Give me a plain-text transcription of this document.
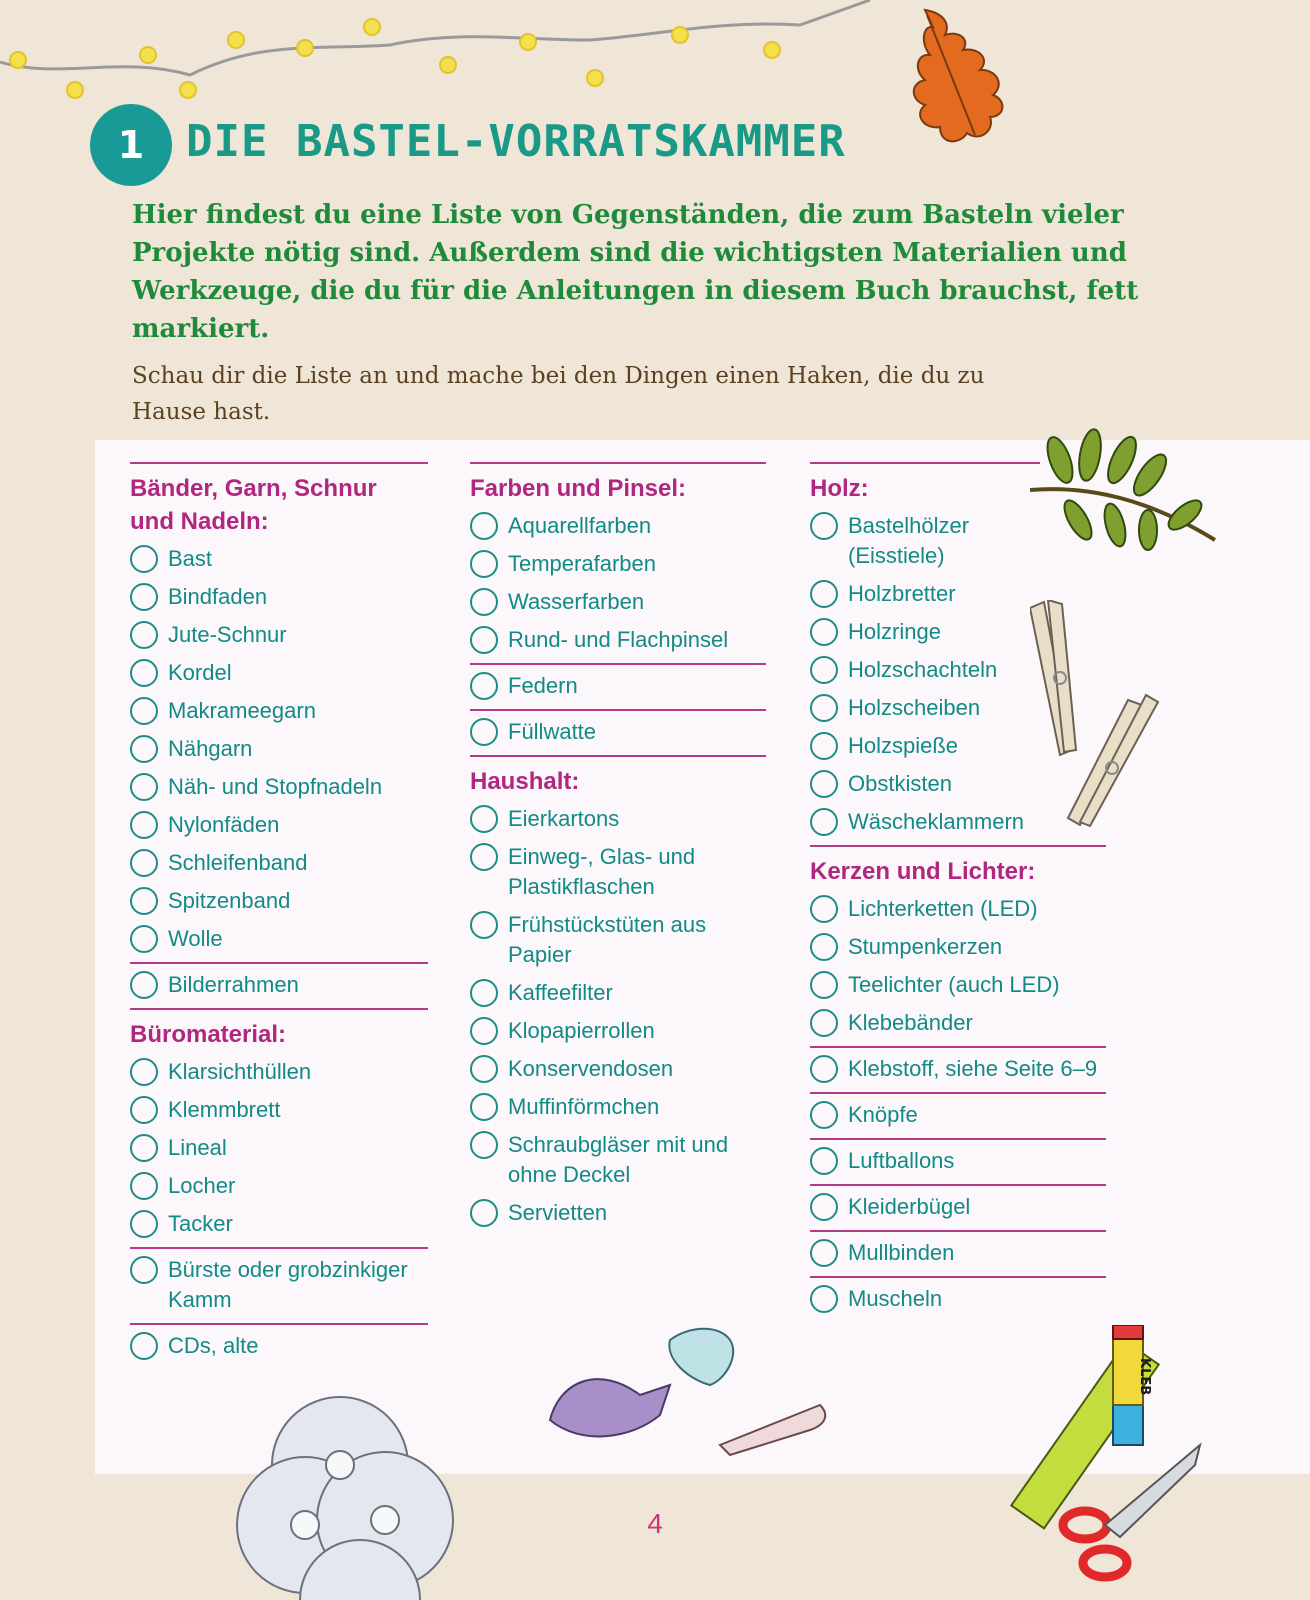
1 DIE BASTEL-VORRATSKAMMER

Hier findest du eine Liste von Gegenständen, die zum Basteln vieler Projekte nötig sind. Außerdem sind die wichtigsten Materialien und Werkzeuge, die du für die Anleitungen in diesem Buch brauchst, fett markiert.

Schau dir die Liste an und mache bei den Dingen einen Haken, die du zu Hause hast.

Bänder, Garn, Schnur und Nadeln:
Bast
Bindfaden
Jute-Schnur
Kordel
Makrameegarn
Nähgarn
Näh- und Stopfnadeln
Nylonfäden
Schleifenband
Spitzenband
Wolle
Bilderrahmen
Büromaterial:
Klarsichthüllen
Klemmbrett
Lineal
Locher
Tacker
Bürste oder grobzinkiger Kamm
CDs, alte
Farben und Pinsel:
Aquarellfarben
Temperafarben
Wasserfarben
Rund- und Flachpinsel
Federn
Füllwatte
Haushalt:
Eierkartons
Einweg-, Glas- und Plastikflaschen
Frühstückstüten aus Papier
Kaffeefilter
Klopapierrollen
Konservendosen
Muffinförmchen
Schraubgläser mit und ohne Deckel
Servietten
Holz:
Bastelhölzer (Eisstiele)
Holzbretter
Holzringe
Holzschachteln
Holzscheiben
Holzspieße
Obstkisten
Wäscheklammern
Kerzen und Lichter:
Lichterketten (LED)
Stumpenkerzen
Teelichter (auch LED)
Klebebänder
Klebstoff, siehe Seite 6–9
Knöpfe
Luftballons
Kleiderbügel
Mullbinden
Muscheln
KLEB
4
